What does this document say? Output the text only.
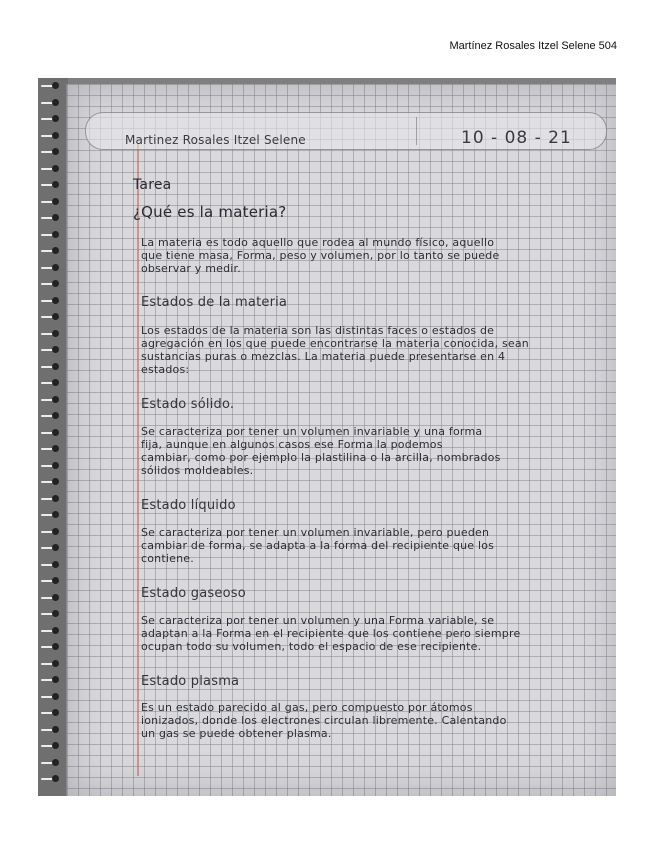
Martínez Rosales Itzel Selene 504
Martinez Rosales Itzel Selene	10 - 08 - 21
Tarea
¿Qué es la materia?
La materia es todo aquello que rodea al mundo físico, aquello
que tiene masa, Forma, peso y volumen, por lo tanto se puede
observar y medir.
Estados de la materia
Los estados de la materia son las distintas faces o estados de
agregación en los que puede encontrarse la materia conocida, sean
sustancias puras o mezclas. La materia puede presentarse en 4
estados:
Estado sólido.
Se caracteriza por tener un volumen invariable y una forma
fija, aunque en algunos casos ese Forma la podemos
cambiar, como por ejemplo la plastilina o la arcilla, nombrados
sólidos moldeables.
Estado líquido
Se caracteriza por tener un volumen invariable, pero pueden
cambiar de forma, se adapta a la forma del recipiente que los
contiene.
Estado gaseoso
Se caracteriza por tener un volumen y una Forma variable, se
adaptan a la Forma en el recipiente que los contiene pero siempre
ocupan todo su volumen, todo el espacio de ese recipiente.
Estado plasma
Es un estado parecido al gas, pero compuesto por átomos
ionizados, donde los electrones circulan libremente. Calentando
un gas se puede obtener plasma.
